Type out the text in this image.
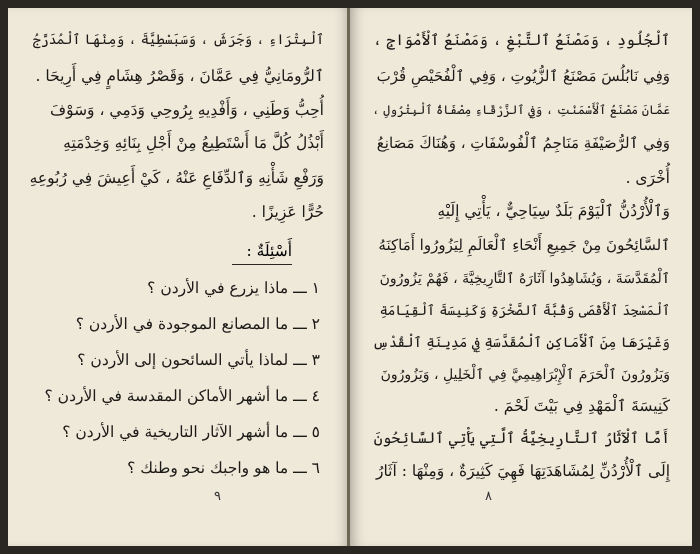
ٱلْبِتْرَاءِ ، وَجَرَشَ ، وَسَبَسْطِيَّةَ ، وَمِنْهَا ٱلْمُدَرَّجُ
ٱلرُّومَانِيُّ فِي عَمَّانَ ، وَقَصْرُ هِشَامٍ فِي أَرِيحَا .
أُحِبُّ وَطَنِي ، وَأَفْدِيهِ بِرُوحِي وَدَمِي ، وَسَوْفَ
أَبْذُلُ كُلَّ مَا أَسْتَطِيعُ مِنْ أَجْلِ بِنَائِهِ وَخِدْمَتِهِ
وَرَفْعِ شَأْنِهِ وَٱلدِّفَاعِ عَنْهُ ، كَيْ أَعِيشَ فِي رُبُوعِهِ
حُرًّا عَزِيزًا .
أَسْئِلَةٌ :
١ ـــ ماذا يزرع في الأردن ؟
٢ ـــ ما المصانع الموجودة في الأردن ؟
٣ ـــ لماذا يأتي السائحون إلى الأردن ؟
٤ ـــ ما أشهر الأماكن المقدسة في الأردن ؟
٥ ـــ ما أشهر الآثار التاريخية في الأردن ؟
٦ ـــ ما هو واجبك نحو وطنك ؟
٩
ٱلْجُلُودِ ، وَمَصْنَعُ ٱلتَّبْغِ ، وَمَصْنَعُ ٱلْأَمْوَاجِ ،
وَفِي نَابُلُسَ مَصْنَعُ ٱلزُّيُوتِ ، وَفِي ٱلْفُحَيْصِ قُرْبَ
عَمَّانَ مَصْنَعُ ٱلْأَسْمَنْتِ ، وَفِي ٱلزَّرْقَاءِ مِصْفَاةُ ٱلْبِتْرُولِ ،
وَفِي ٱلرُّصَيْفَةِ مَنَاجِمُ ٱلْفُوسْفَاتِ ، وَهُنَاكَ مَصَانِعُ
أُخْرَى .
وَٱلْأُرْدُنُّ ٱلْيَوْمَ بَلَدٌ سِيَاحِيٌّ ، يَأْتِي إِلَيْهِ
ٱلسَّائِحُونَ مِنْ جَمِيعِ أَنْحَاءِ ٱلْعَالَمِ لِيَزُورُوا أَمَاكِنَهُ
ٱلْمُقَدَّسَةَ ، وَيُشَاهِدُوا آثَارَهُ ٱلتَّارِيخِيَّةَ ، فَهُمْ يَزُورُونَ
ٱلْمَسْجِدَ ٱلْأَقْصَى وَقُبَّةَ ٱلصَّخْرَةِ وَكَنِيسَةَ ٱلْقِيَامَةِ
وَغَيْرَهَا مِنَ ٱلْأَمَاكِنِ ٱلْمُقَدَّسَةِ فِي مَدِينَةِ ٱلْقُدْسِ
وَيَزُورُونَ ٱلْحَرَمَ ٱلْإِبْرَاهِيمِيَّ فِي ٱلْخَلِيلِ ، وَيَزُورُونَ
كَنِيسَةَ ٱلْمَهْدِ فِي بَيْتَ لَحْمَ .
أَمَّا ٱلْآثَارُ ٱلتَّارِيخِيَّةُ ٱلَّتِي يَأْتِي ٱلسَّائِحُونَ
إِلَى ٱلْأُرْدُنِّ لِمُشَاهَدَتِهَا فَهِيَ كَثِيرَةٌ ، وَمِنْهَا : آثَارُ
٨
